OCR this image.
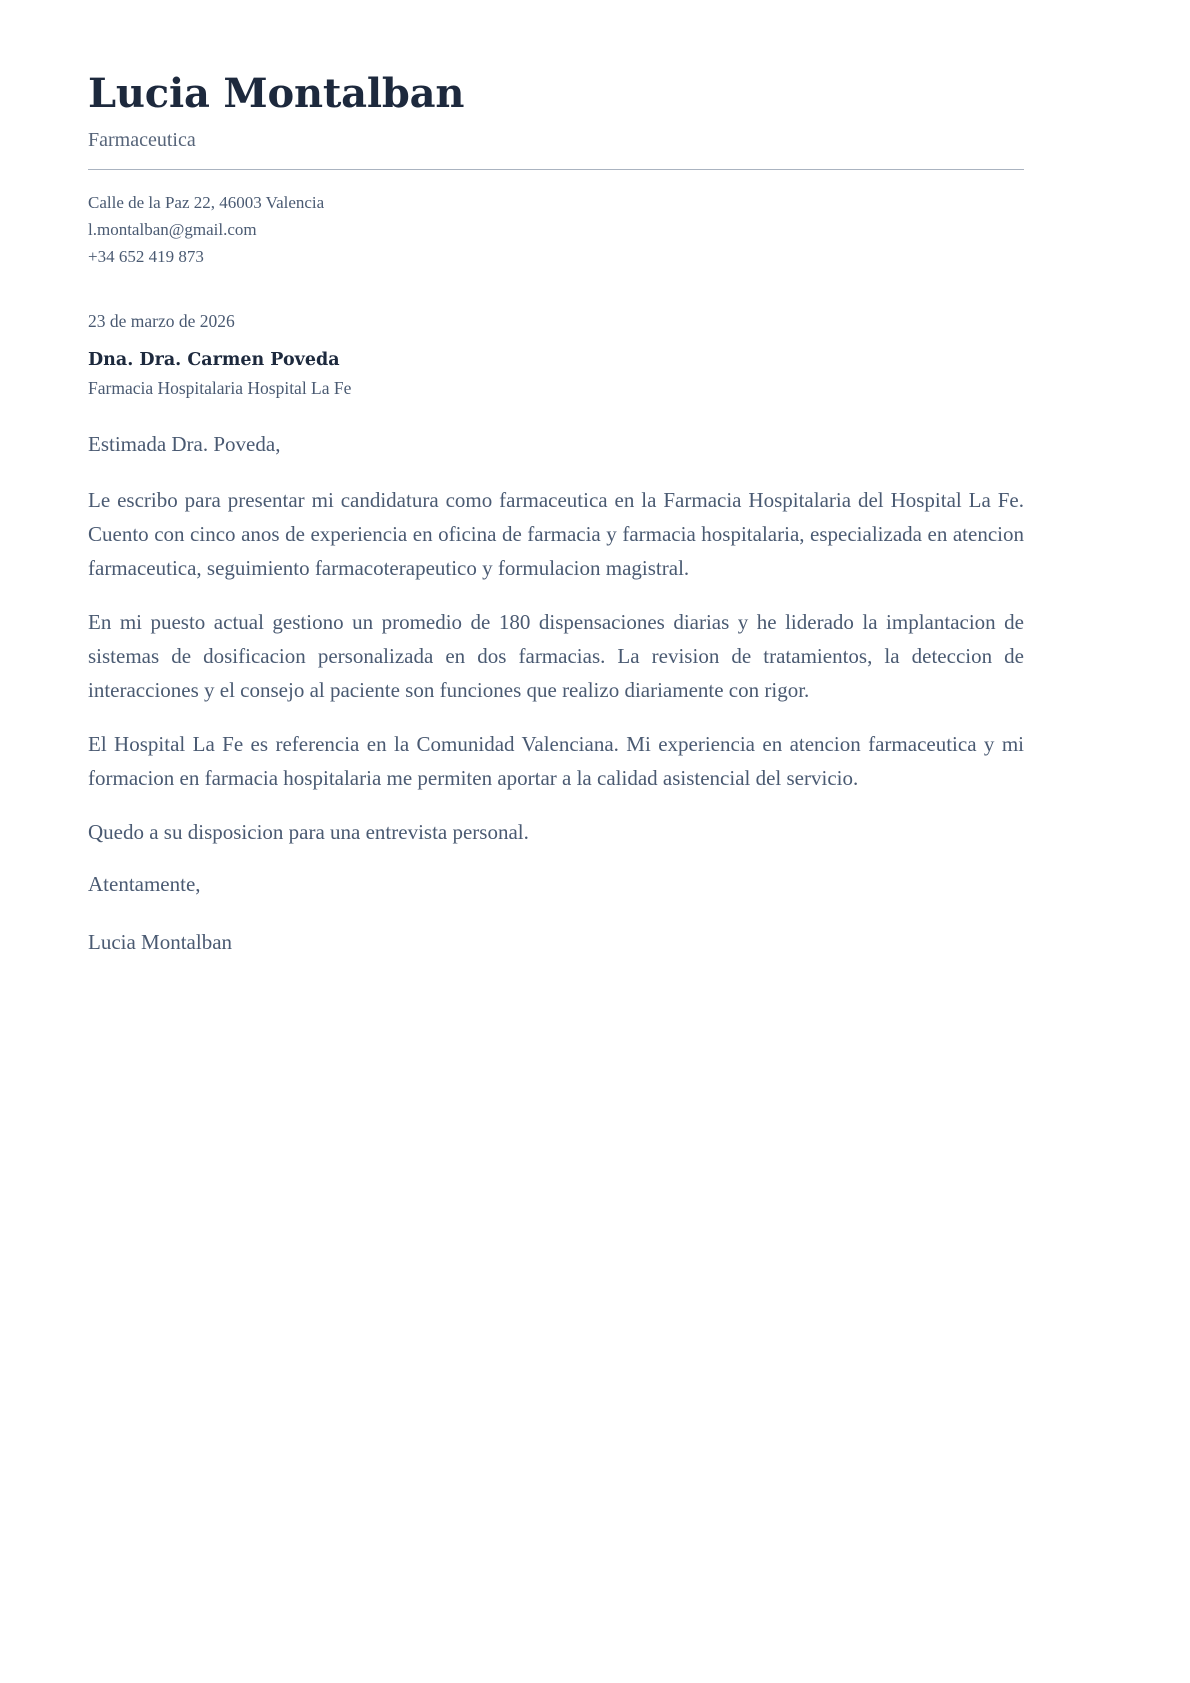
Lucia Montalban
Farmaceutica
Calle de la Paz 22, 46003 Valencia
l.montalban@gmail.com
+34 652 419 873
23 de marzo de 2026
Dna. Dra. Carmen Poveda
Farmacia Hospitalaria Hospital La Fe

Estimada Dra. Poveda,

Le escribo para presentar mi candidatura como farmaceutica en la Farmacia Hospitalaria del Hospital La Fe. Cuento con cinco anos de experiencia en oficina de farmacia y farmacia hospitalaria, especializada en atencion farmaceutica, seguimiento farmacoterapeutico y formulacion magistral.

En mi puesto actual gestiono un promedio de 180 dispensaciones diarias y he liderado la implantacion de sistemas de dosificacion personalizada en dos farmacias. La revision de tratamientos, la deteccion de interacciones y el consejo al paciente son funciones que realizo diariamente con rigor.

El Hospital La Fe es referencia en la Comunidad Valenciana. Mi experiencia en atencion farmaceutica y mi formacion en farmacia hospitalaria me permiten aportar a la calidad asistencial del servicio.

Quedo a su disposicion para una entrevista personal.

Atentamente,

Lucia Montalban
